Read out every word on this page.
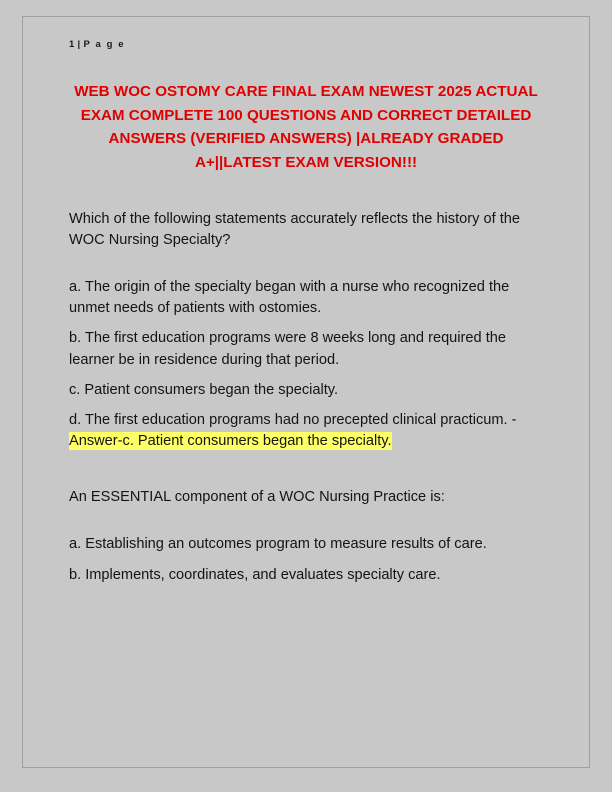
1 | P a g e
WEB WOC OSTOMY CARE FINAL EXAM NEWEST 2025 ACTUAL EXAM COMPLETE 100 QUESTIONS AND CORRECT DETAILED ANSWERS (VERIFIED ANSWERS) |ALREADY GRADED A+||LATEST EXAM VERSION!!!

Which of the following statements accurately reflects the history of the WOC Nursing Specialty?

a. The origin of the specialty began with a nurse who recognized the unmet needs of patients with ostomies.

b. The first education programs were 8 weeks long and required the learner be in residence during that period.

c. Patient consumers began the specialty.

d. The first education programs had no precepted clinical practicum. - Answer-c. Patient consumers began the specialty.

An ESSENTIAL component of a WOC Nursing Practice is:

a. Establishing an outcomes program to measure results of care.

b. Implements, coordinates, and evaluates specialty care.
